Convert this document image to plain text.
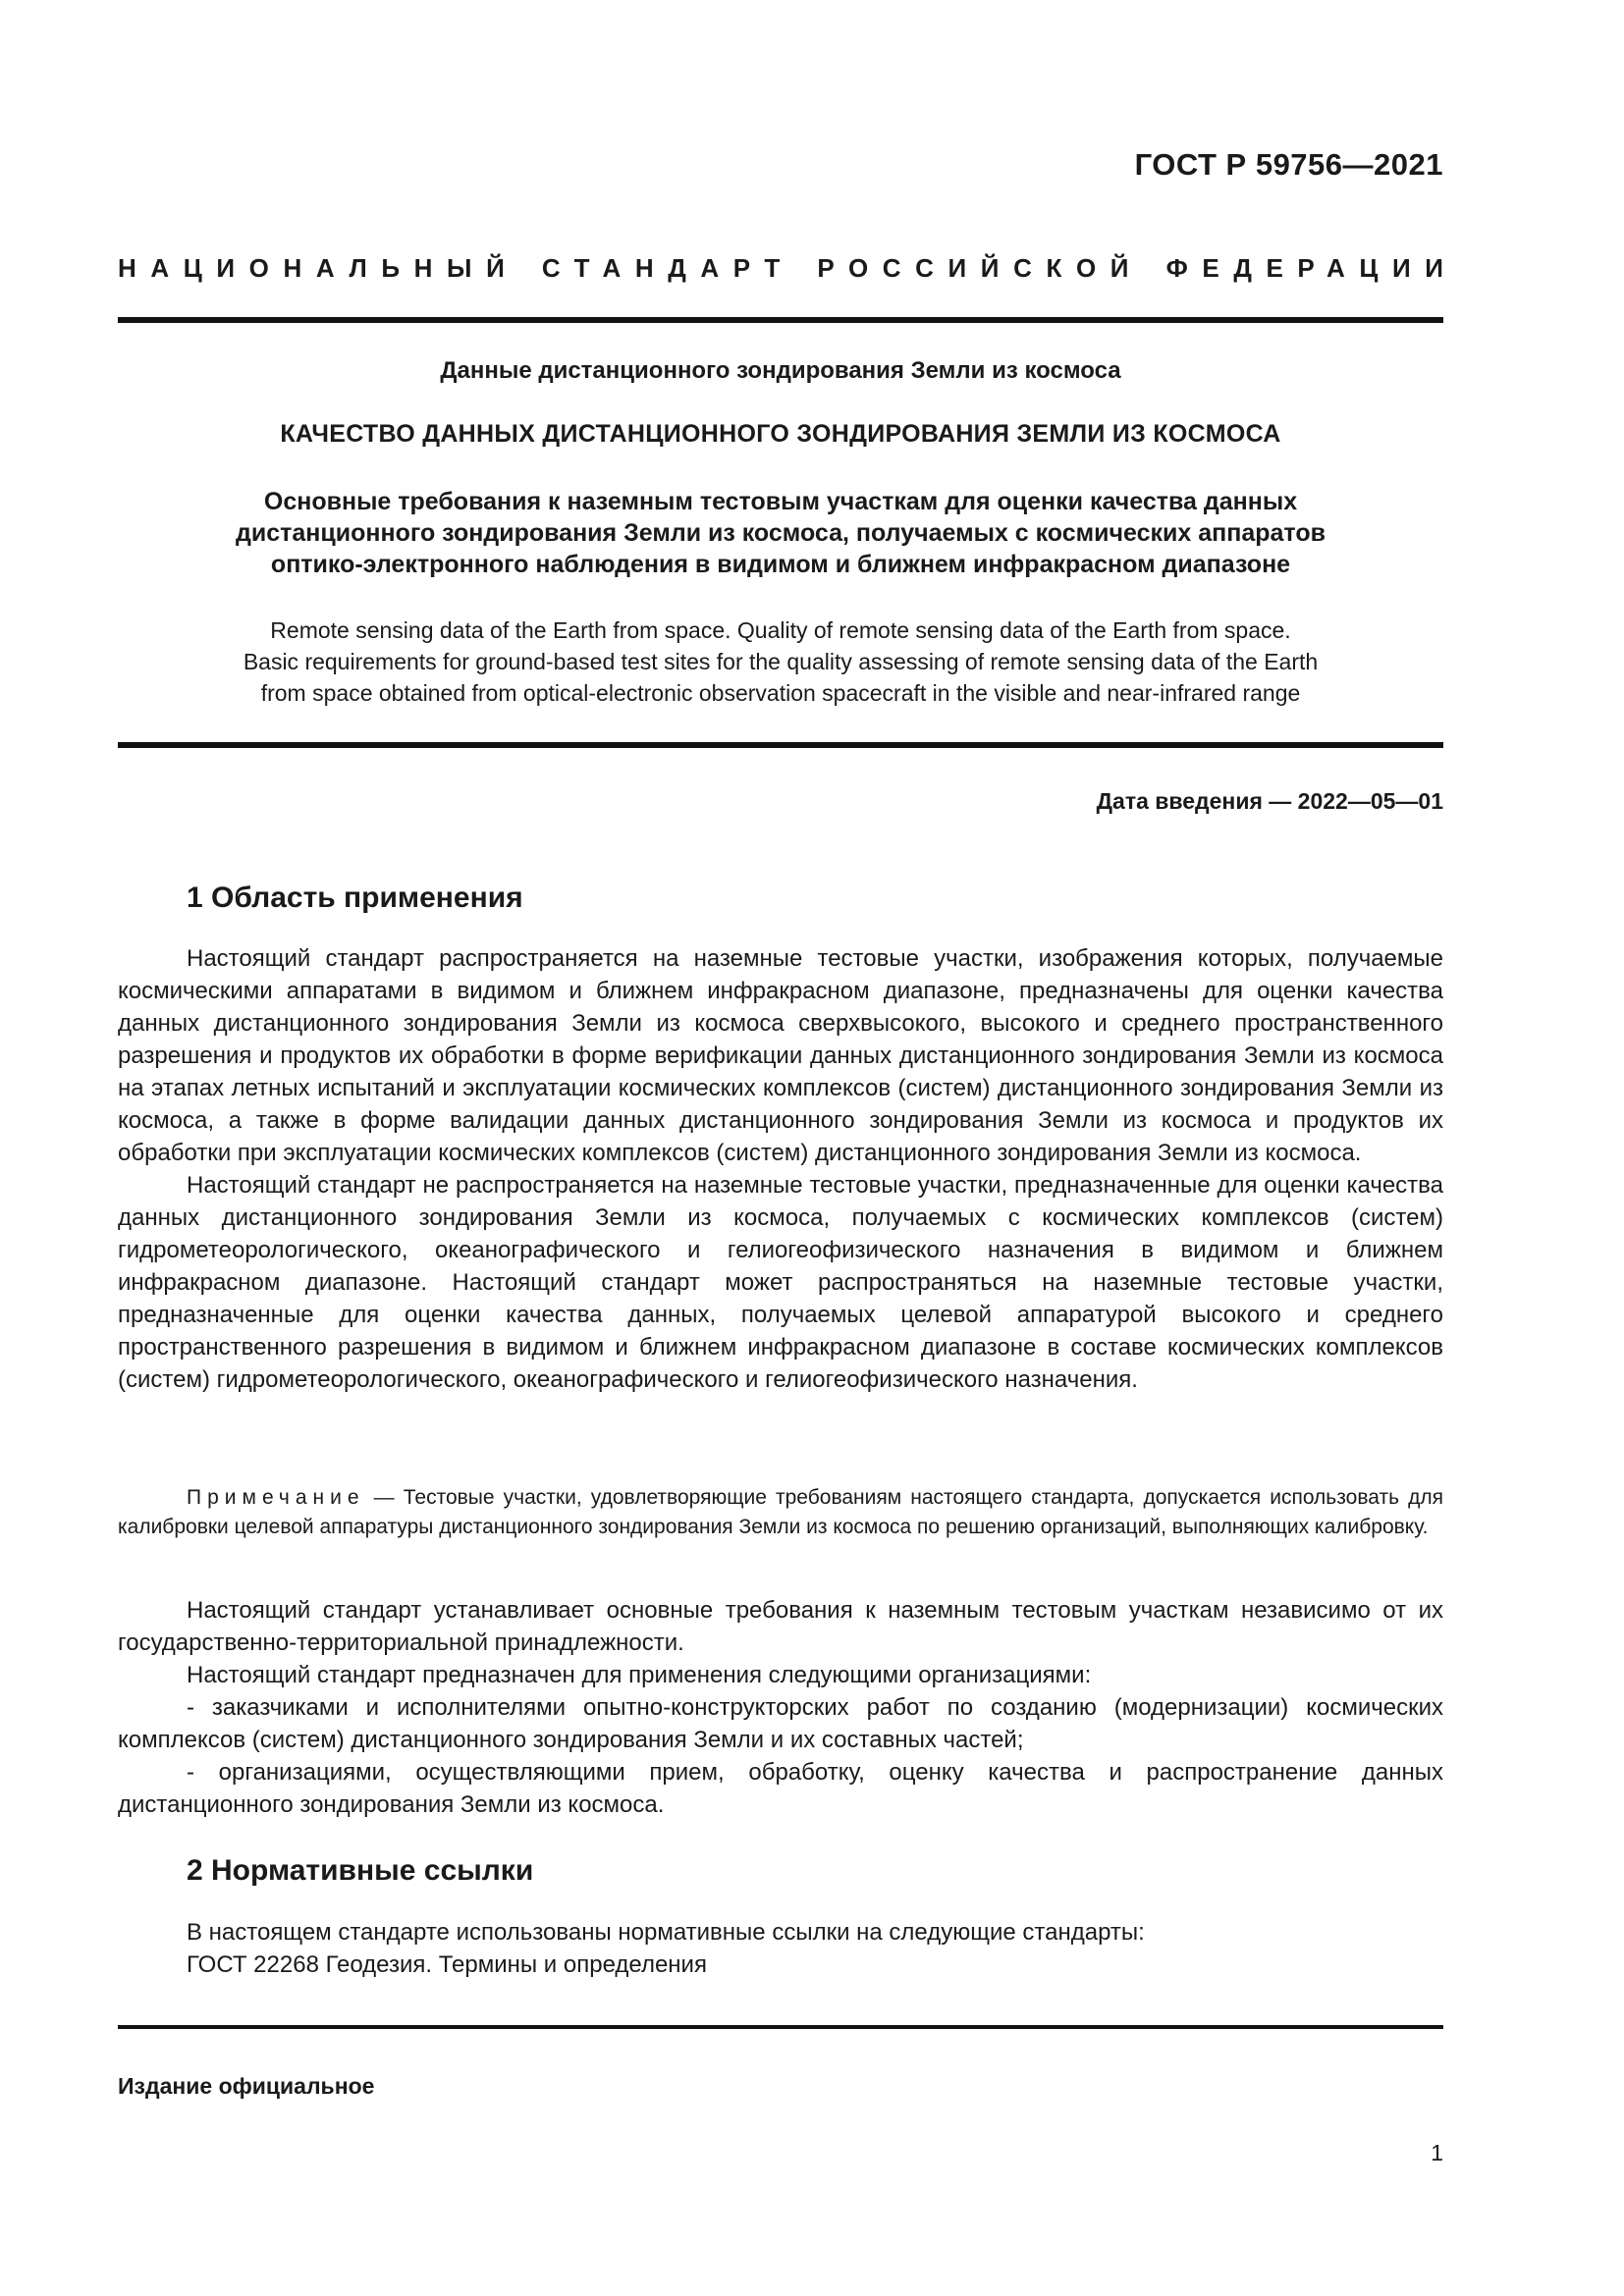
ГОСТ Р 59756—2021
НАЦИОНАЛЬНЫЙ СТАНДАРТ РОССИЙСКОЙ ФЕДЕРАЦИИ
Данные дистанционного зондирования Земли из космоса
КАЧЕСТВО ДАННЫХ ДИСТАНЦИОННОГО ЗОНДИРОВАНИЯ ЗЕМЛИ ИЗ КОСМОСА
Основные требования к наземным тестовым участкам для оценки качества данных
дистанционного зондирования Земли из космоса, получаемых с космических аппаратов
оптико-электронного наблюдения в видимом и ближнем инфракрасном диапазоне
Remote sensing data of the Earth from space. Quality of remote sensing data of the Earth from space.
Basic requirements for ground-based test sites for the quality assessing of remote sensing data of the Earth
from space obtained from optical-electronic observation spacecraft in the visible and near-infrared range
Дата введения — 2022—05—01
1 Область применения

Настоящий стандарт распространяется на наземные тестовые участки, изображения которых, получаемые космическими аппаратами в видимом и ближнем инфракрасном диапазоне, предназначены для оценки качества данных дистанционного зондирования Земли из космоса сверхвысокого, высокого и среднего пространственного разрешения и продуктов их обработки в форме верификации данных дистанционного зондирования Земли из космоса на этапах летных испытаний и эксплуатации космических комплексов (систем) дистанционного зондирования Земли из космоса, а также в форме валидации данных дистанционного зондирования Земли из космоса и продуктов их обработки при эксплуатации космических комплексов (систем) дистанционного зондирования Земли из космоса.

Настоящий стандарт не распространяется на наземные тестовые участки, предназначенные для оценки качества данных дистанционного зондирования Земли из космоса, получаемых с космических комплексов (систем) гидрометеорологического, океанографического и гелиогеофизического назначения в видимом и ближнем инфракрасном диапазоне. Настоящий стандарт может распространяться на наземные тестовые участки, предназначенные для оценки качества данных, получаемых целевой аппаратурой высокого и среднего пространственного разрешения в видимом и ближнем инфракрасном диапазоне в составе космических комплексов (систем) гидрометеорологического, океанографического и гелиогеофизического назначения.

Примечание — Тестовые участки, удовлетворяющие требованиям настоящего стандарта, допускается использовать для калибровки целевой аппаратуры дистанционного зондирования Земли из космоса по решению организаций, выполняющих калибровку.

Настоящий стандарт устанавливает основные требования к наземным тестовым участкам независимо от их государственно-территориальной принадлежности.

Настоящий стандарт предназначен для применения следующими организациями:

- заказчиками и исполнителями опытно-конструкторских работ по созданию (модернизации) космических комплексов (систем) дистанционного зондирования Земли и их составных частей;

- организациями, осуществляющими прием, обработку, оценку качества и распространение данных дистанционного зондирования Земли из космоса.

2 Нормативные ссылки

В настоящем стандарте использованы нормативные ссылки на следующие стандарты:

ГОСТ 22268 Геодезия. Термины и определения

Издание официальное
1
